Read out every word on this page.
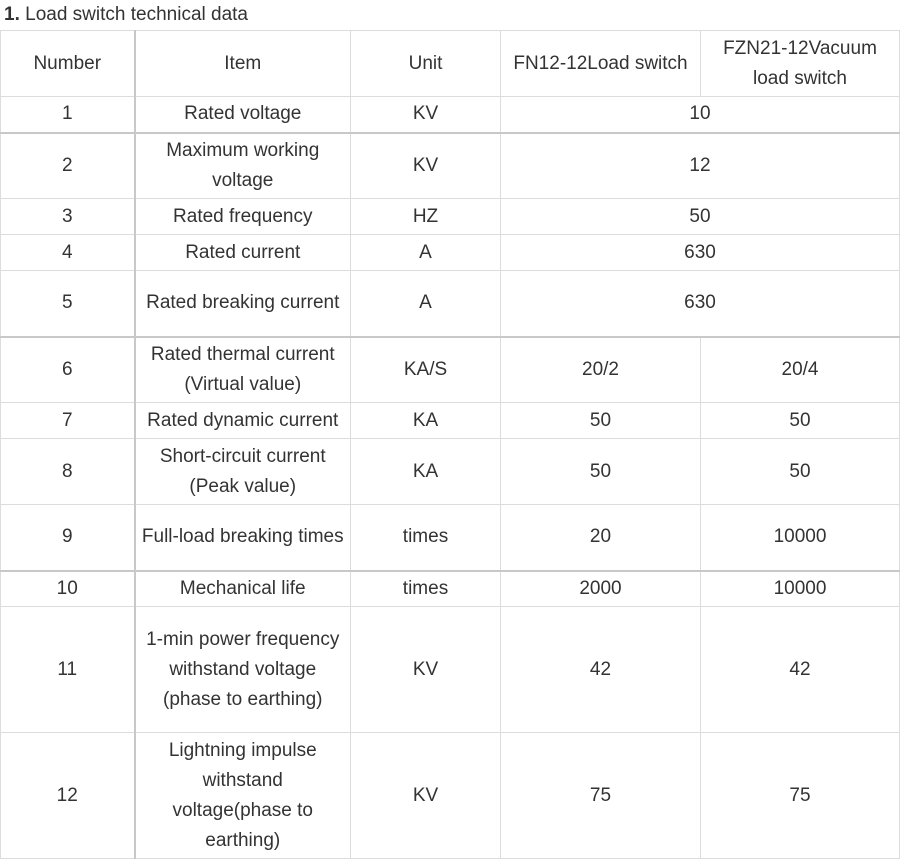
1. Load switch technical data
Number	Item	Unit	FN12-12Load switch	FZN21-12Vacuum load switch
1	Rated voltage	KV	10	
2	Maximum working voltage	KV	12	
3	Rated frequency	HZ	50	
4	Rated current	A	630	
5	Rated breaking current	A	630	
6	Rated thermal current (Virtual value)	KA/S	20/2	20/4
7	Rated dynamic current	KA	50	50
8	Short-circuit current (Peak value)	KA	50	50
9	Full-load breaking times	times	20	10000
10	Mechanical life	times	2000	10000
11	1-min power frequency withstand voltage (phase to earthing)	KV	42	42
12	Lightning impulse withstand voltage(phase to earthing)	KV	75	75
